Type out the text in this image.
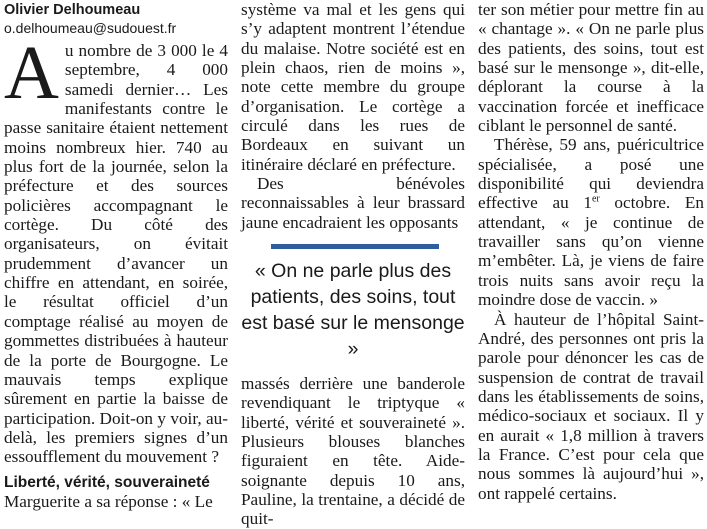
Olivier Delhoumeau
o.delhoumeau@sudouest.fr
Au nombre de 3 000 le 4 septembre, 4 000 samedi dernier… Les manifestants contre le passe sanitaire étaient nettement moins nombreux hier. 740 au plus fort de la journée, selon la préfecture et des sources policières accompagnant le cortège. Du côté des organisateurs, on évitait prudemment d’avancer un chiffre en attendant, en soirée, le résultat officiel d’un comptage réalisé au moyen de gommettes distribuées à hauteur de la porte de Bourgogne. Le mauvais temps explique sûrement en partie la baisse de participation. Doit-on y voir, au-delà, les premiers signes d’un essoufflement du mouvement ?
Liberté, vérité, souveraineté
Marguerite a sa réponse : « Le
système va mal et les gens qui s’y adaptent montrent l’étendue du malaise. Notre société est en plein chaos, rien de moins », note cette membre du groupe d’organisation. Le cortège a circulé dans les rues de Bordeaux en suivant un itinéraire déclaré en préfecture.
Des bénévoles reconnaissables à leur brassard jaune encadraient les opposants
« On ne parle plus des patients, des soins, tout est basé sur le mensonge »
massés derrière une banderole revendiquant le triptyque « liberté, vérité et souveraineté ». Plusieurs blouses blanches figuraient en tête. Aide-soignante depuis 10 ans, Pauline, la trentaine, a décidé de quit-
ter son métier pour mettre fin au « chantage ». « On ne parle plus des patients, des soins, tout est basé sur le mensonge », dit-elle, déplorant la course à la vaccination forcée et inefficace ciblant le personnel de santé.
Thérèse, 59 ans, puéricultrice spécialisée, a posé une disponibilité qui deviendra effective au 1er octobre. En attendant, « je continue de travailler sans qu’on vienne m’embêter. Là, je viens de faire trois nuits sans avoir reçu la moindre dose de vaccin. »
À hauteur de l’hôpital Saint-André, des personnes ont pris la parole pour dénoncer les cas de suspension de contrat de travail dans les établissements de soins, médico-sociaux et sociaux. Il y en aurait « 1,8 million à travers la France. C’est pour cela que nous sommes là aujourd’hui », ont rappelé certains.
